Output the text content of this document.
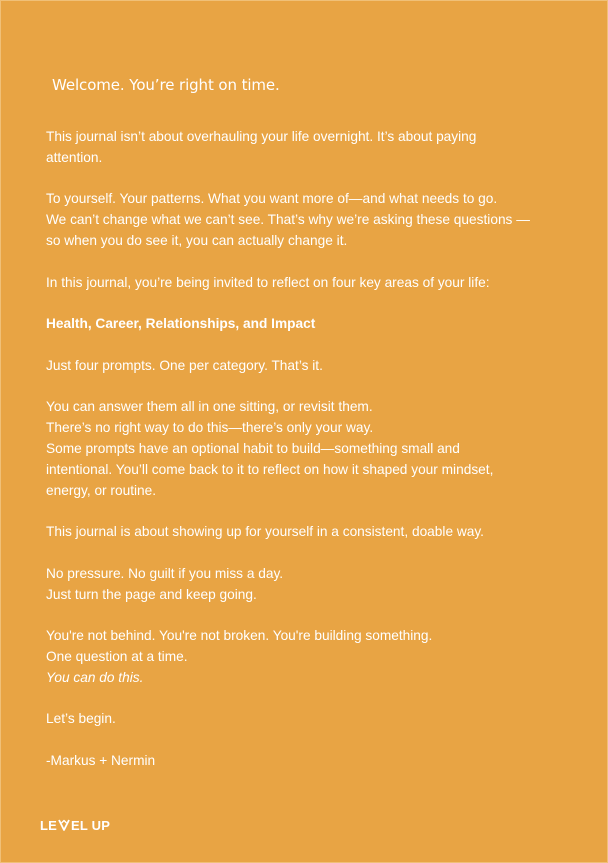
Welcome. You’re right on time.

This journal isn’t about overhauling your life overnight. It’s about paying
attention.

To yourself. Your patterns. What you want more of—and what needs to go.
We can’t change what we can’t see. That’s why we’re asking these questions —
so when you do see it, you can actually change it.

In this journal, you’re being invited to reflect on four key areas of your life:

Health, Career, Relationships, and Impact

Just four prompts. One per category. That’s it.

You can answer them all in one sitting, or revisit them.
There’s no right way to do this—there’s only your way.
Some prompts have an optional habit to build—something small and
intentional. You’ll come back to it to reflect on how it shaped your mindset,
energy, or routine.

This journal is about showing up for yourself in a consistent, doable way.

No pressure. No guilt if you miss a day.
Just turn the page and keep going.

You're not behind. You're not broken. You're building something.
One question at a time.
You can do this.

Let’s begin.

-Markus + Nermin

LE EL UP
